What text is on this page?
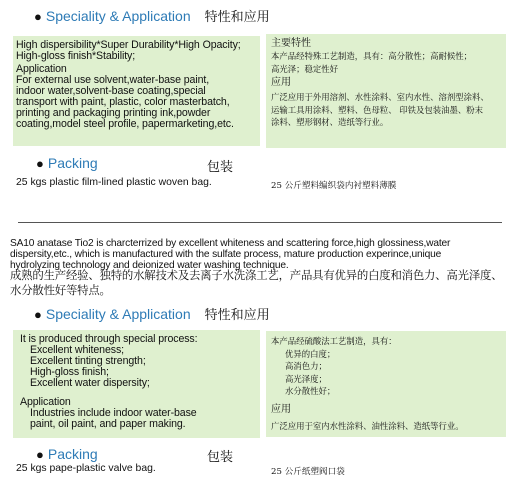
● Speciality & Application 特性和应用
High dispersibility*Super Durability*High Opacity;
High-gloss finish*Stability;
Application
For external use solvent,water-base paint,
indoor water,solvent-base coating,special
transport with paint, plastic, color masterbatch,
printing and packaging printing ink,powder
coating,model steel profile, papermarketing,etc.
主要特性
本产品经特殊工艺制造，具有：高分散性；高耐候性；
高光泽；稳定性好
应用
广泛应用于外用溶剂、水性涂料、室内水性、溶剂型涂料、
运输工具用涂料、塑料、色母粒、 印铁及包装油墨、粉末
涂料、塑形钢材、造纸等行业。
● Packing	包装
25 kgs plastic film-lined plastic woven bag.	25 公斤塑料编织袋内衬塑料薄膜
SA10 anatase Tio2 is charcterrized by excellent whiteness and scattering force,high glossiness,water
dispersity,etc., which is manufactured with the sulfate process, mature production experince,unique
hydrolyzing technology and deionized water washing technique.
成熟的生产经验、独特的水解技术及去离子水洗涤工艺，产品具有优异的白度和消色力、高光泽度、
水分散性好等特点。
● Speciality & Application 特性和应用
It is produced through special process:
Excellent whiteness;
Excellent tinting strength;
High-gloss finish;
Excellent water dispersity;
Application
Industries include indoor water-base
paint, oil paint, and paper making.
本产品经硫酸法工艺制造，具有：
优异的白度；
高消色力；
高光泽度；
水分散性好；
应用
广泛应用于室内水性涂料、油性涂料、造纸等行业。
● Packing	包装
25 kgs pape-plastic valve bag.	25 公斤纸塑阀口袋
